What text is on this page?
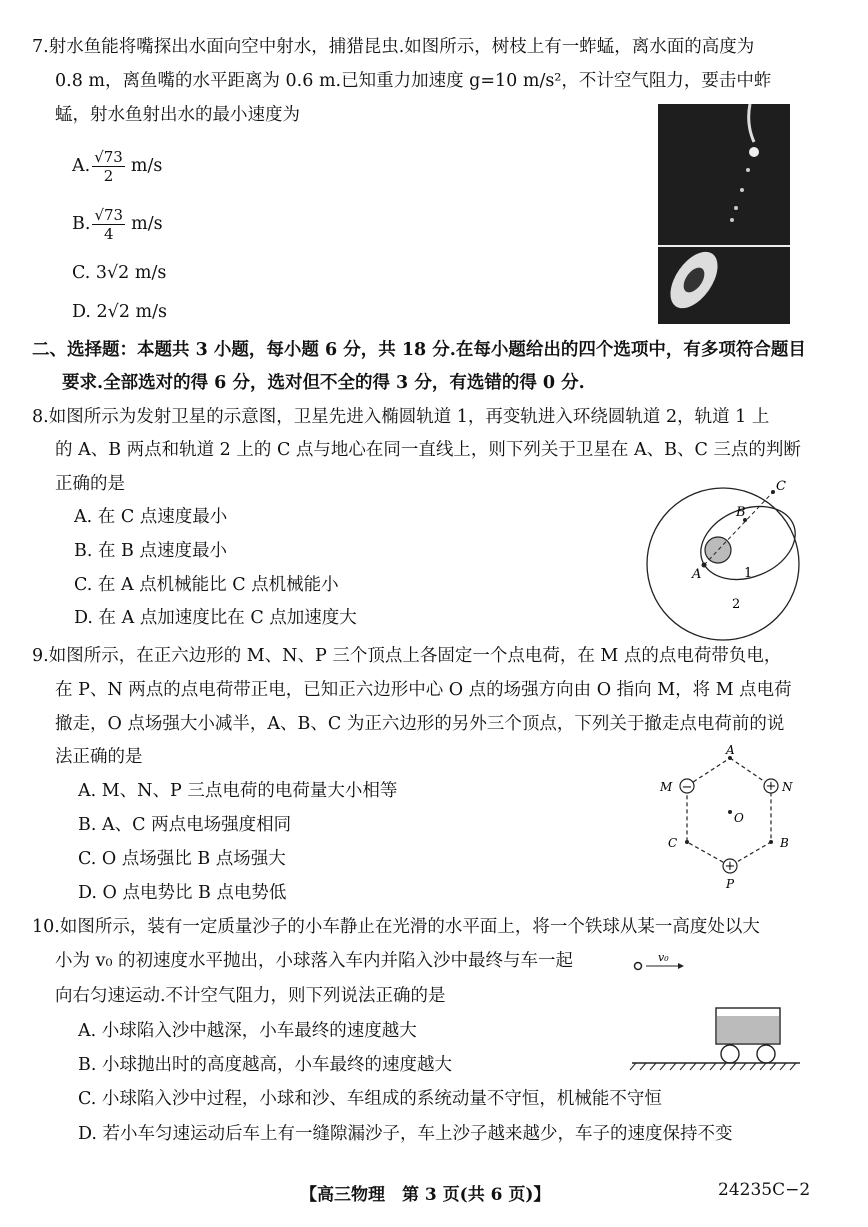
7.射水鱼能将嘴探出水面向空中射水，捕猎昆虫.如图所示，树枝上有一蚱蜢，离水面的高度为
0.8 m，离鱼嘴的水平距离为 0.6 m.已知重力加速度 g=10 m/s²，不计空气阻力，要击中蚱
蜢，射水鱼射出水的最小速度为
A. $\frac{√73}{2} m/s$
B. $\frac{√73}{4} m/s$
C. 3√2 m/s
D. 2√2 m/s
二、选择题：本题共 3 小题，每小题 6 分，共 18 分.在每小题给出的四个选项中，有多项符合题目
要求.全部选对的得 6 分，选对但不全的得 3 分，有选错的得 0 分.
8.如图所示为发射卫星的示意图，卫星先进入椭圆轨道 1，再变轨进入环绕圆轨道 2，轨道 1 上
的 A、B 两点和轨道 2 上的 C 点与地心在同一直线上，则下列关于卫星在 A、B、C 三点的判断
正确的是
A. 在 C 点速度最小
B. 在 B 点速度最小
C. 在 A 点机械能比 C 点机械能小
D. 在 A 点加速度比在 C 点加速度大
A
B
C
1
2
9.如图所示，在正六边形的 M、N、P 三个顶点上各固定一个点电荷，在 M 点的点电荷带负电，
在 P、N 两点的点电荷带正电，已知正六边形中心 O 点的场强方向由 O 指向 M，将 M 点电荷
撤走，O 点场强大小减半，A、B、C 为正六边形的另外三个顶点，下列关于撤走点电荷前的说
法正确的是
A. M、N、P 三点电荷的电荷量大小相等
B. A、C 两点电场强度相同
C. O 点场强比 B 点场强大
D. O 点电势比 B 点电势低
−	+
+
A
M	N
O
C	B
P
10.如图所示，装有一定质量沙子的小车静止在光滑的水平面上，将一个铁球从某一高度处以大
小为 v₀ 的初速度水平抛出，小球落入车内并陷入沙中最终与车一起
向右匀速运动.不计空气阻力，则下列说法正确的是
A. 小球陷入沙中越深，小车最终的速度越大
B. 小球抛出时的高度越高，小车最终的速度越大
C. 小球陷入沙中过程，小球和沙、车组成的系统动量不守恒，机械能不守恒
D. 若小车匀速运动后车上有一缝隙漏沙子，车上沙子越来越少，车子的速度保持不变
v₀
【高三物理　第 3 页(共 6 页)】	24235C−2
